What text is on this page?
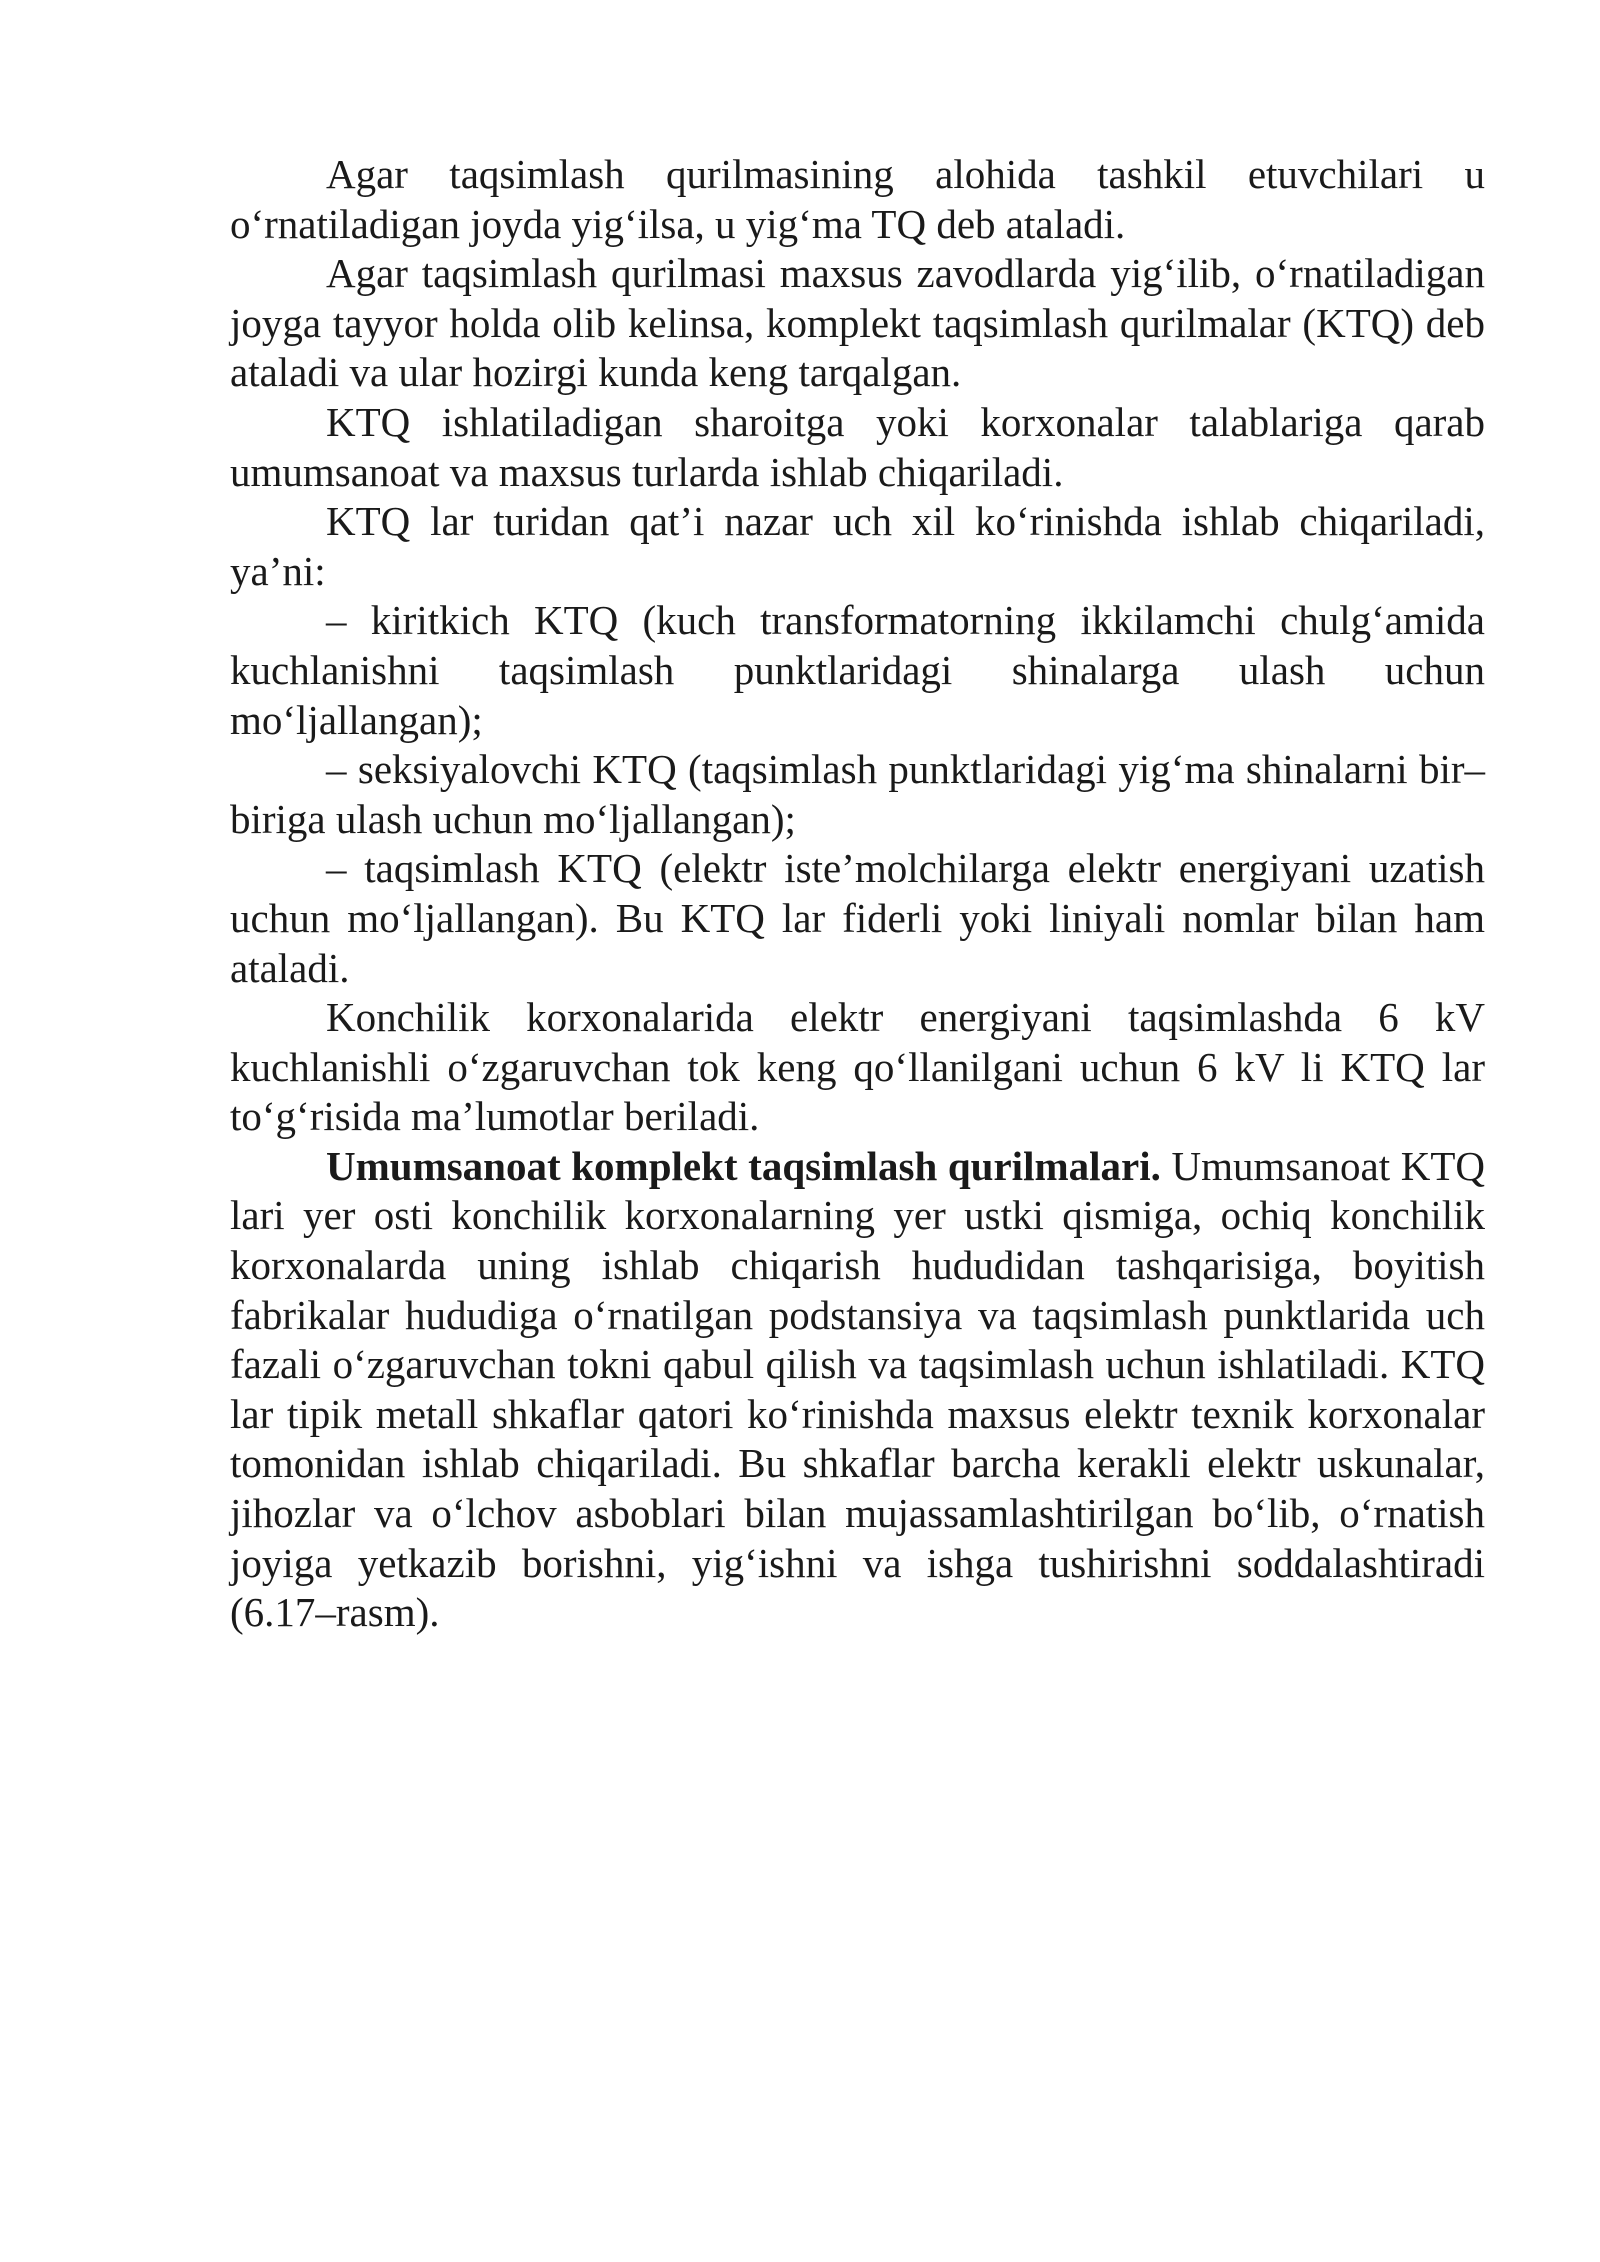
Agar taqsimlash qurilmasining alohida tashkil etuvchilari u o‘rnatiladigan joyda yig‘ilsa, u yig‘ma TQ deb ataladi.

Agar taqsimlash qurilmasi maxsus zavodlarda yig‘ilib, o‘rnatiladigan joyga tayyor holda olib kelinsa, komplekt taqsimlash qurilmalar (KTQ) deb ataladi va ular hozirgi kunda keng tarqalgan.

KTQ ishlatiladigan sharoitga yoki korxonalar talablariga qarab umumsanoat va maxsus turlarda ishlab chiqariladi.

KTQ lar turidan qat’i nazar uch xil ko‘rinishda ishlab chiqariladi, ya’ni:

– kiritkich KTQ (kuch transformatorning ikkilamchi chulg‘amida kuchlanishni taqsimlash punktlaridagi shinalarga ulash uchun mo‘ljallangan);

– seksiyalovchi KTQ (taqsimlash punktlaridagi yig‘ma shinalarni bir–biriga ulash uchun mo‘ljallangan);

– taqsimlash KTQ (elektr iste’molchilarga elektr energiyani uzatish uchun mo‘ljallangan). Bu KTQ lar fiderli yoki liniyali nomlar bilan ham ataladi.

Konchilik korxonalarida elektr energiyani taqsimlashda 6 kV kuchlanishli o‘zgaruvchan tok keng qo‘llanilgani uchun 6 kV li KTQ lar to‘g‘risida ma’lumotlar beriladi.

Umumsanoat komplekt taqsimlash qurilmalari. Umumsanoat KTQ lari yer osti konchilik korxonalarning yer ustki qismiga, ochiq konchilik korxonalarda uning ishlab chiqarish hududidan tashqarisiga, boyitish fabrikalar hududiga o‘rnatilgan podstansiya va taqsimlash punktlarida uch fazali o‘zgaruvchan tokni qabul qilish va taqsimlash uchun ishlatiladi. KTQ lar tipik metall shkaflar qatori ko‘rinishda maxsus elektr texnik korxonalar tomonidan ishlab chiqariladi. Bu shkaflar barcha kerakli elektr uskunalar, jihozlar va o‘lchov asboblari bilan mujassamlashtirilgan bo‘lib, o‘rnatish joyiga yetkazib borishni, yig‘ishni va ishga tushirishni soddalashtiradi (6.17–rasm).
